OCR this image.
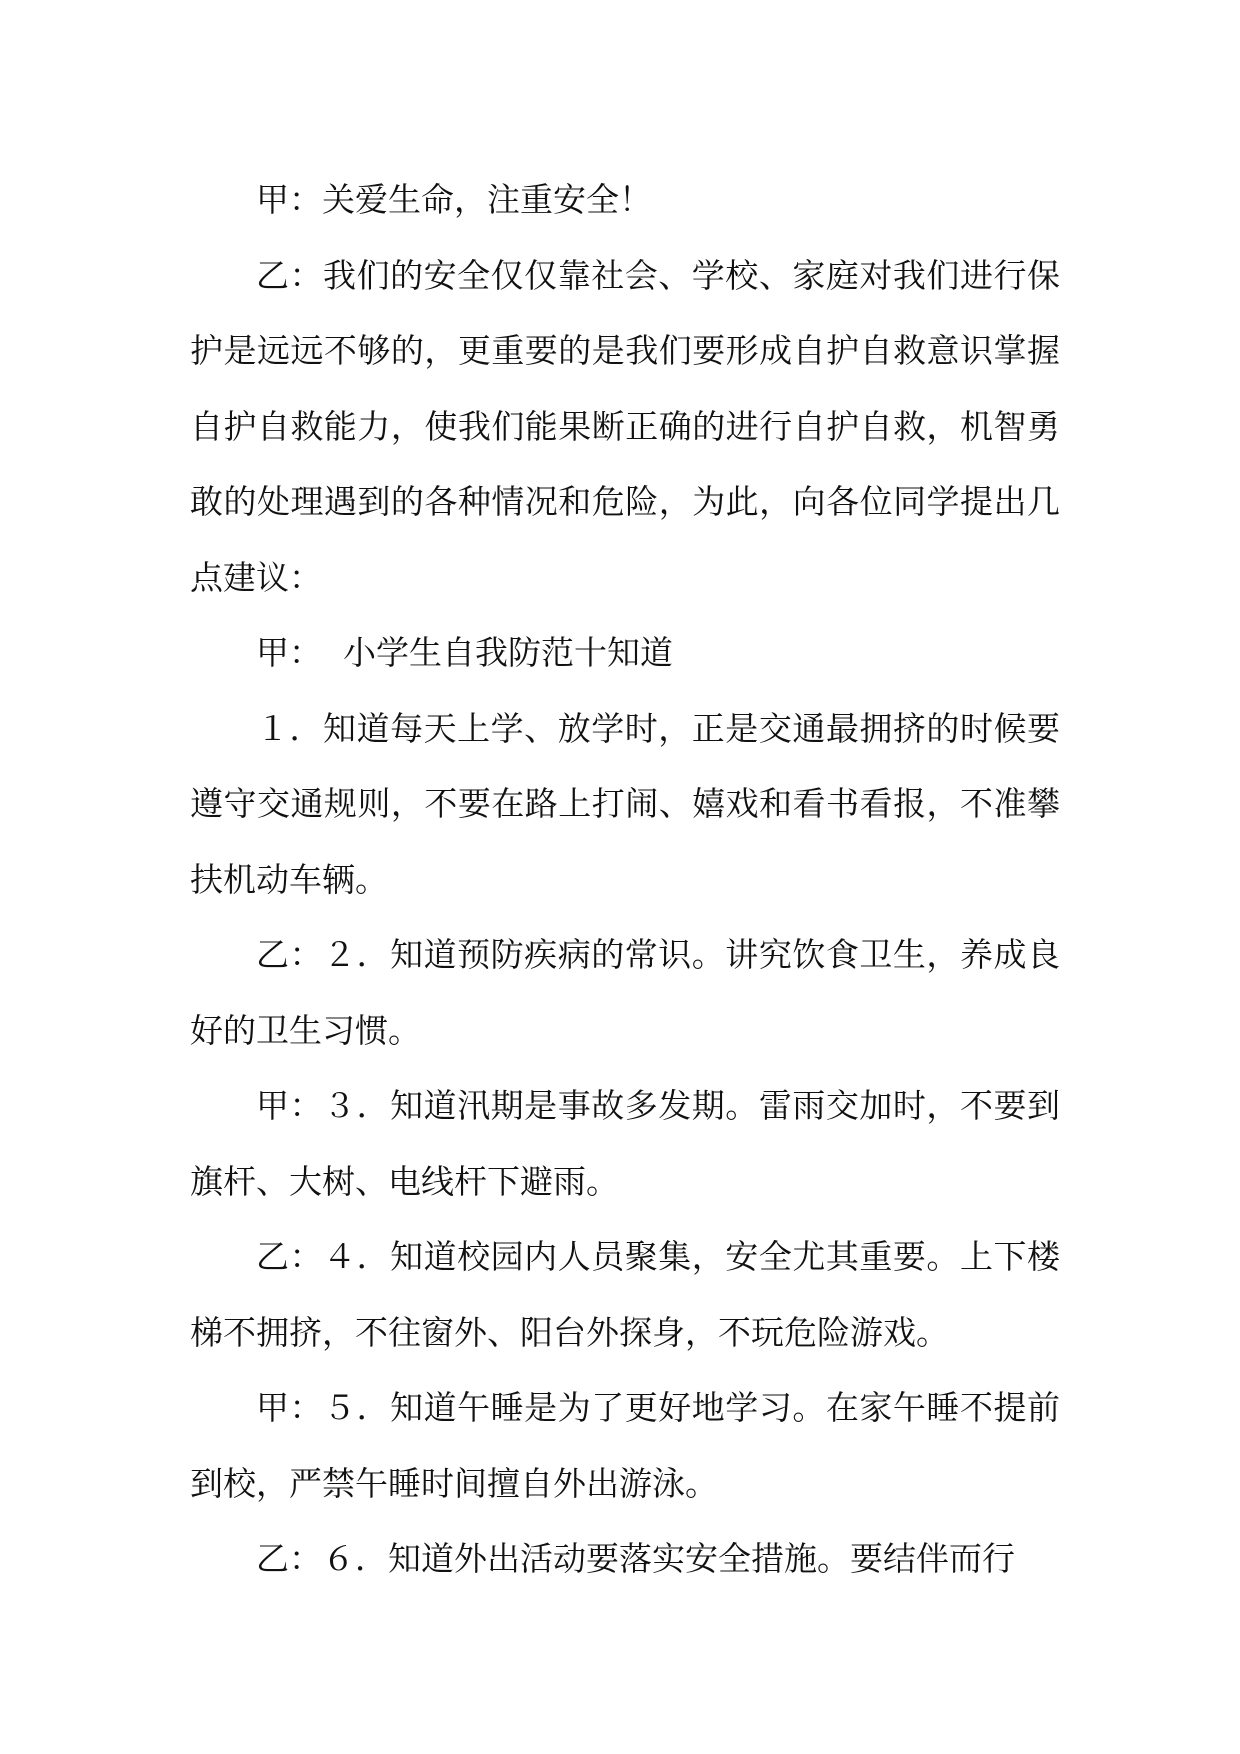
甲：关爱生命，注重安全！

乙：我们的安全仅仅靠社会、学校、家庭对我们进行保护是远远不够的，更重要的是我们要形成自护自救意识掌握自护自救能力，使我们能果断正确的进行自护自救，机智勇敢的处理遇到的各种情况和危险，为此，向各位同学提出几点建议：

甲：  小学生自我防范十知道

１．知道每天上学、放学时，正是交通最拥挤的时候要遵守交通规则，不要在路上打闹、嬉戏和看书看报，不准攀扶机动车辆。

乙：２．知道预防疾病的常识。讲究饮食卫生，养成良好的卫生习惯。

甲：３．知道汛期是事故多发期。雷雨交加时，不要到旗杆、大树、电线杆下避雨。

乙：４．知道校园内人员聚集，安全尤其重要。上下楼梯不拥挤，不往窗外、阳台外探身，不玩危险游戏。

甲：５．知道午睡是为了更好地学习。在家午睡不提前到校，严禁午睡时间擅自外出游泳。

乙：６．知道外出活动要落实安全措施。要结伴而行
